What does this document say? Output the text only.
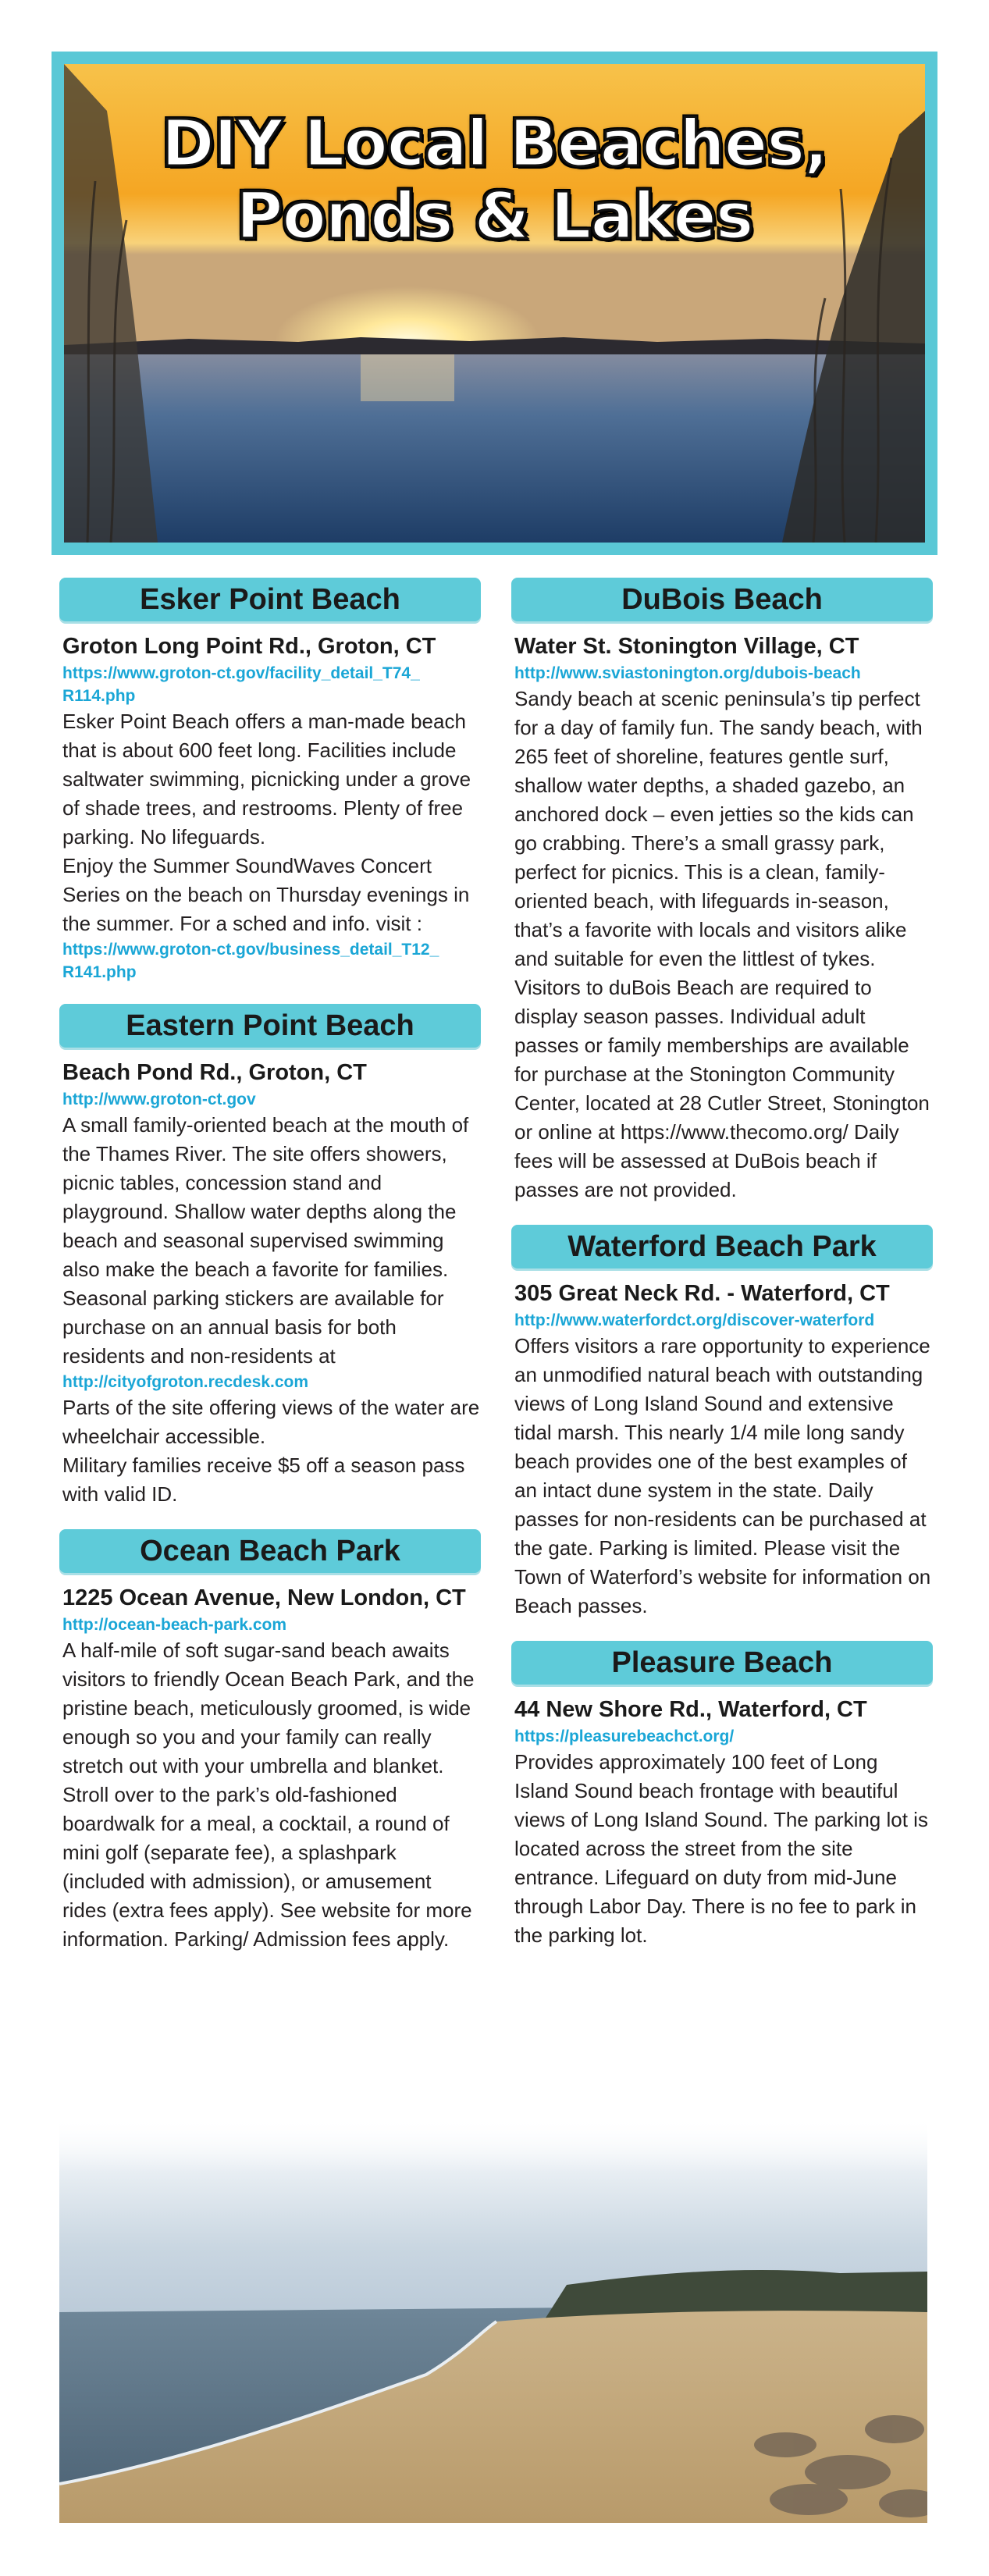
DIY Local Beaches,
Ponds & Lakes
Esker Point Beach
Groton Long Point Rd., Groton, CT
https://www.groton-ct.gov/facility_detail_T74_
R114.php
Esker Point Beach offers a man-made beach that is about 600 feet long. Facilities include saltwater swimming, picnicking under a grove of shade trees, and restrooms. Plenty of free parking. No lifeguards.
Enjoy the Summer SoundWaves Concert Series on the beach on Thursday evenings in the summer. For a sched and info. visit :
https://www.groton-ct.gov/business_detail_T12_
R141.php
Eastern Point Beach
Beach Pond Rd., Groton, CT
http://www.groton-ct.gov
A small family-oriented beach at the mouth of the Thames River. The site offers showers, picnic tables, concession stand and playground. Shallow water depths along the beach and seasonal supervised swimming also make the beach a favorite for families. Seasonal parking stickers are available for purchase on an annual basis for both residents and non-residents at
http://cityofgroton.recdesk.com
Parts of the site offering views of the water are wheelchair accessible.
Military families receive $5 off a season pass with valid ID.
Ocean Beach Park
1225 Ocean Avenue, New London, CT
http://ocean-beach-park.com
A half-mile of soft sugar-sand beach awaits visitors to friendly Ocean Beach Park, and the pristine beach, meticulously groomed, is wide enough so you and your family can really stretch out with your umbrella and blanket. Stroll over to the park’s old-fashioned boardwalk for a meal, a cocktail, a round of mini golf (separate fee), a splashpark (included with admission), or amusement rides (extra fees apply). See website for more information. Parking/ Admission fees apply.
DuBois Beach
Water St. Stonington Village, CT
http://www.sviastonington.org/dubois-beach
Sandy beach at scenic peninsula’s tip perfect for a day of family fun. The sandy beach, with 265 feet of shoreline, features gentle surf, shallow water depths, a shaded gazebo, an anchored dock – even jetties so the kids can go crabbing. There’s a small grassy park, perfect for picnics. This is a clean, family-oriented beach, with lifeguards in-season, that’s a favorite with locals and visitors alike and suitable for even the littlest of tykes. Visitors to duBois Beach are required to display season passes. Individual adult passes or family memberships are available for purchase at the Stonington Community Center, located at 28 Cutler Street, Stonington or online at https://www.thecomo.org/ Daily fees will be assessed at DuBois beach if passes are not provided.
Waterford Beach Park
305 Great Neck Rd. - Waterford, CT
http://www.waterfordct.org/discover-waterford
Offers visitors a rare opportunity to experience an unmodified natural beach with outstanding views of Long Island Sound and extensive tidal marsh. This nearly 1/4 mile long sandy beach provides one of the best examples of an intact dune system in the state. Daily passes for non-residents can be purchased at the gate. Parking is limited. Please visit the Town of Waterford’s website for information on Beach passes.
Pleasure Beach
44 New Shore Rd., Waterford, CT
https://pleasurebeachct.org/
Provides approximately 100 feet of Long Island Sound beach frontage with beautiful views of Long Island Sound. The parking lot is located across the street from the site entrance. Lifeguard on duty from mid-June through Labor Day. There is no fee to park in the parking lot.
